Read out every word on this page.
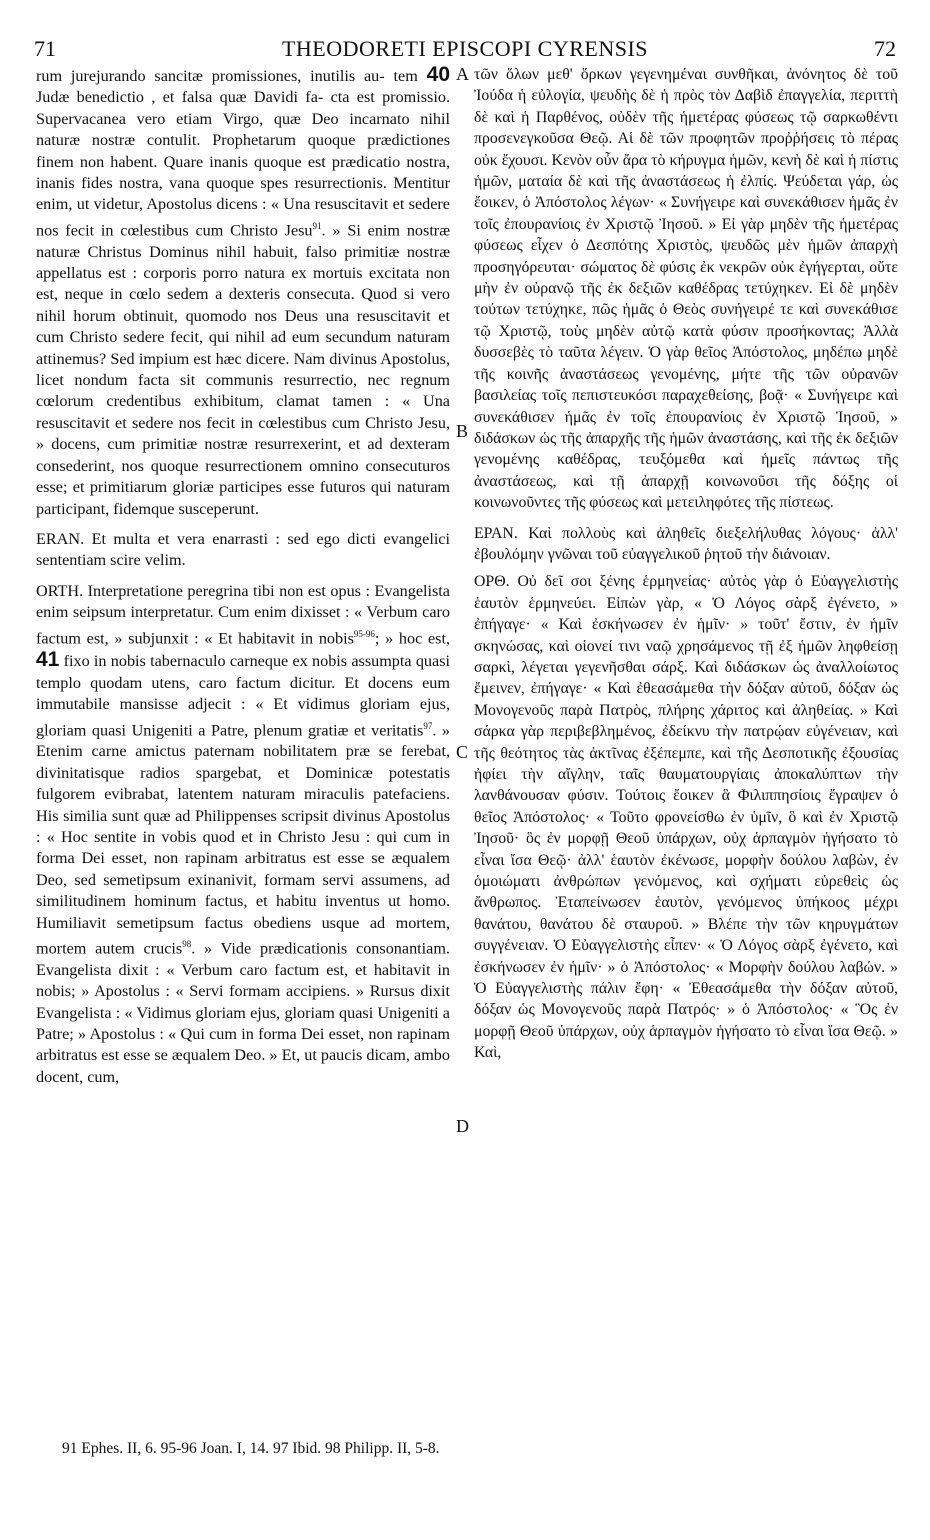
71	THEODORETI EPISCOPI CYRENSIS	72

rum jurejurando sancitæ promissiones, inutilis au- tem 40 Judæ benedictio , et falsa quæ Davidi fa- cta est promissio. Supervacanea vero etiam Virgo, quæ Deo incarnato nihil naturæ nostræ contulit. Prophetarum quoque prædictiones finem non habent. Quare inanis quoque est prædicatio nostra, inanis fides nostra, vana quoque spes resurrectionis. Mentitur enim, ut videtur, Apostolus dicens : « Una resuscitavit et sedere nos fecit in cœlestibus cum Christo Jesu$^{91}$. » Si enim nostræ naturæ Christus Dominus nihil habuit, falso primitiæ nostræ appellatus est : corporis porro natura ex mortuis excitata non est, neque in cœlo sedem a dexteris consecuta. Quod si vero nihil horum obtinuit, quomodo nos Deus una resuscitavit et cum Christo sedere fecit, qui nihil ad eum secundum naturam attinemus? Sed impium est hæc dicere. Nam divinus Apostolus, licet nondum facta sit communis resurrectio, nec regnum cœlorum credentibus exhibitum, clamat tamen : « Una resuscitavit et sedere nos fecit in cœlestibus cum Christo Jesu, » docens, cum primitiæ nostræ resurrexerint, et ad dexteram consederint, nos quoque resurrectionem omnino consecuturos esse; et primitiarum gloriæ participes esse futuros qui naturam participant, fidemque susceperunt.

ERAN. Et multa et vera enarrasti : sed ego dicti evangelici sententiam scire velim.

ORTH. Interpretatione peregrina tibi non est opus : Evangelista enim seipsum interpretatur. Cum enim dixisset : « Verbum caro factum est, » subjunxit : « Et habitavit in nobis$^{95-96}$; » hoc est, 41 fixo in nobis tabernaculo carneque ex nobis assumpta quasi templo quodam utens, caro factum dicitur. Et docens eum immutabile mansisse adjecit : « Et vidimus gloriam ejus, gloriam quasi Unigeniti a Patre, plenum gratiæ et veritatis$^{97}$. » Etenim carne amictus paternam nobilitatem præ se ferebat, divinitatisque radios spargebat, et Dominicæ potestatis fulgorem evibrabat, latentem naturam miraculis patefaciens. His similia sunt quæ ad Philippenses scripsit divinus Apostolus : « Hoc sentite in vobis quod et in Christo Jesu : qui cum in forma Dei esset, non rapinam arbitratus est esse se æqualem Deo, sed semetipsum exinanivit, formam servi assumens, ad similitudinem hominum factus, et habitu inventus ut homo. Humiliavit semetipsum factus obediens usque ad mortem, mortem autem crucis$^{98}$. » Vide prædicationis consonantiam. Evangelista dixit : « Verbum caro factum est, et habitavit in nobis; » Apostolus : « Servi formam accipiens. » Rursus dixit Evangelista : « Vidimus gloriam ejus, gloriam quasi Unigeniti a Patre; » Apostolus : « Qui cum in forma Dei esset, non rapinam arbitratus est esse se æqualem Deo. » Et, ut paucis dicam, ambo docent, cum,

A
B
C
D

τῶν ὅλων μεθ' ὅρκων γεγενημέναι συνθῆκαι, ἀνόνητος δὲ τοῦ Ἰούδα ἡ εὐλογία, ψευδὴς δὲ ἡ πρὸς τὸν Δαβὶδ ἐπαγγελία, περιττὴ δὲ καὶ ἡ Παρθένος, οὐδὲν τῆς ἡμετέρας φύσεως τῷ σαρκωθέντι προσενεγκοῦσα Θεῷ. Αἱ δὲ τῶν προφητῶν προῤῥήσεις τὸ πέρας οὐκ ἔχουσι. Κενὸν οὖν ἄρα τὸ κήρυγμα ἡμῶν, κενὴ δὲ καὶ ἡ πίστις ἡμῶν, ματαία δὲ καὶ τῆς ἀναστάσεως ἡ ἐλπίς. Ψεύδεται γάρ, ὡς ἔοικεν, ὁ Ἀπόστολος λέγων· « Συνήγειρε καὶ συνεκάθισεν ἡμᾶς ἐν τοῖς ἐπουρανίοις ἐν Χριστῷ Ἰησοῦ. » Εἰ γὰρ μηδὲν τῆς ἡμετέρας φύσεως εἶχεν ὁ Δεσπότης Χριστὸς, ψευδῶς μὲν ἡμῶν ἀπαρχὴ προσηγόρευται· σώματος δὲ φύσις ἐκ νεκρῶν οὐκ ἐγήγερται, οὔτε μὴν ἐν οὐρανῷ τῆς ἐκ δεξιῶν καθέδρας τετύχηκεν. Εἰ δὲ μηδὲν τούτων τετύχηκε, πῶς ἡμᾶς ὁ Θεὸς συνήγειρέ τε καὶ συνεκάθισε τῷ Χριστῷ, τοὺς μηδὲν αὐτῷ κατὰ φύσιν προσήκοντας; Ἀλλὰ δυσσεβὲς τὸ ταῦτα λέγειν. Ὁ γὰρ θεῖος Ἀπόστολος, μηδέπω μηδὲ τῆς κοινῆς ἀναστάσεως γενομένης, μήτε τῆς τῶν οὐρανῶν βασιλείας τοῖς πεπιστευκόσι παραχεθείσης, βοᾷ· « Συνήγειρε καὶ συνεκάθισεν ἡμᾶς ἐν τοῖς ἐπουρανίοις ἐν Χριστῷ Ἰησοῦ, » διδάσκων ὡς τῆς ἀπαρχῆς τῆς ἡμῶν ἀναστάσης, καὶ τῆς ἐκ δεξιῶν γενομένης καθέδρας, τευξόμεθα καὶ ἡμεῖς πάντως τῆς ἀναστάσεως, καὶ τῇ ἀπαρχῇ κοινωνοῦσι τῆς δόξης οἱ κοινωνοῦντες τῆς φύσεως καὶ μετειληφότες τῆς πίστεως.

ΕΡΑΝ. Καὶ πολλοὺς καὶ ἀληθεῖς διεξελήλυθας λόγους· ἀλλ' ἐβουλόμην γνῶναι τοῦ εὐαγγελικοῦ ῥητοῦ τὴν διάνοιαν.

ΟΡΘ. Οὐ δεῖ σοι ξένης ἑρμηνείας· αὐτὸς γὰρ ὁ Εὐαγγελιστὴς ἑαυτὸν ἑρμηνεύει. Εἰπὼν γὰρ, « Ὁ Λόγος σὰρξ ἐγένετο, » ἐπήγαγε· « Καὶ ἐσκήνωσεν ἐν ἡμῖν· » τοῦτ' ἔστιν, ἐν ἡμῖν σκηνώσας, καὶ οἱονεί τινι ναῷ χρησάμενος τῇ ἐξ ἡμῶν ληφθείσῃ σαρκὶ, λέγεται γεγενῆσθαι σάρξ. Καὶ διδάσκων ὡς ἀναλλοίωτος ἔμεινεν, ἐπήγαγε· « Καὶ ἐθεασάμεθα τὴν δόξαν αὐτοῦ, δόξαν ὡς Μονογενοῦς παρὰ Πατρὸς, πλήρης χάριτος καὶ ἀληθείας. » Καὶ σάρκα γὰρ περιβεβλημένος, ἐδείκνυ τὴν πατρῴαν εὐγένειαν, καὶ τῆς θεότητος τὰς ἀκτῖνας ἐξέπεμπε, καὶ τῆς Δεσποτικῆς ἐξουσίας ἠφίει τὴν αἴγλην, ταῖς θαυματουργίαις ἀποκαλύπτων τὴν λανθάνουσαν φύσιν. Τούτοις ἔοικεν ἃ Φιλιππησίοις ἔγραψεν ὁ θεῖος Ἀπόστολος· « Τοῦτο φρονείσθω ἐν ὑμῖν, ὃ καὶ ἐν Χριστῷ Ἰησοῦ· ὃς ἐν μορφῇ Θεοῦ ὑπάρχων, οὐχ ἁρπαγμὸν ἡγήσατο τὸ εἶναι ἴσα Θεῷ· ἀλλ' ἑαυτὸν ἐκένωσε, μορφὴν δούλου λαβὼν, ἐν ὁμοιώματι ἀνθρώπων γενόμενος, καὶ σχήματι εὑρεθεὶς ὡς ἄνθρωπος. Ἐταπείνωσεν ἑαυτὸν, γενόμενος ὑπήκοος μέχρι θανάτου, θανάτου δὲ σταυροῦ. » Βλέπε τὴν τῶν κηρυγμάτων συγγένειαν. Ὁ Εὐαγγελιστὴς εἶπεν· « Ὁ Λόγος σὰρξ ἐγένετο, καὶ ἐσκήνωσεν ἐν ἡμῖν· » ὁ Ἀπόστολος· « Μορφὴν δούλου λαβών. » Ὁ Εὐαγγελιστὴς πάλιν ἔφη· « Ἐθεασάμεθα τὴν δόξαν αὐτοῦ, δόξαν ὡς Μονογενοῦς παρὰ Πατρός· » ὁ Ἀπόστολος· « Ὃς ἐν μορφῇ Θεοῦ ὑπάρχων, οὐχ ἁρπαγμὸν ἡγήσατο τὸ εἶναι ἴσα Θεῷ. » Καὶ,

91 Ephes. II, 6. 95-96 Joan. I, 14. 97 Ibid. 98 Philipp. II, 5-8.
